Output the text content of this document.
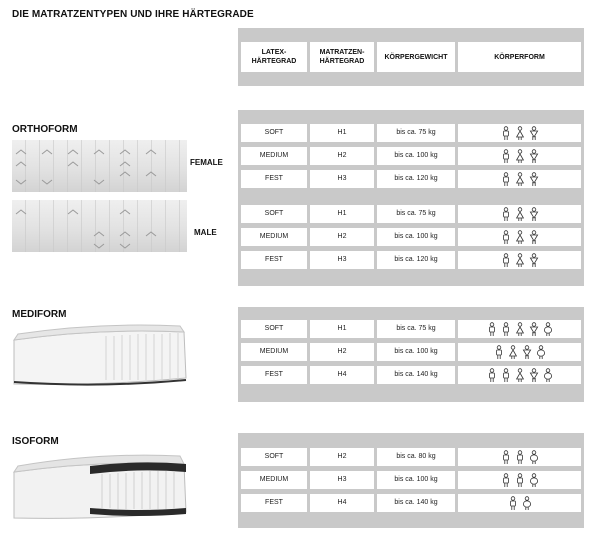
DIE MATRATZENTYPEN UND IHRE HÄRTEGRADE
LATEX-
HÄRTEGRAD
MATRATZEN-
HÄRTEGRAD
KÖRPERGEWICHT	KÖRPERFORM
ORTHOFORM
FEMALE
MALE
SOFT	H1	bis ca. 75 kg
MEDIUM	H2	bis ca. 100 kg
FEST	H3	bis ca. 120 kg
SOFT	H1	bis ca. 75 kg
MEDIUM	H2	bis ca. 100 kg
FEST	H3	bis ca. 120 kg
MEDIFORM
SOFT	H1	bis ca. 75 kg
MEDIUM	H2	bis ca. 100 kg
FEST	H4	bis ca. 140 kg
ISOFORM
SOFT	H2	bis ca. 80 kg
MEDIUM	H3	bis ca. 100 kg
FEST	H4	bis ca. 140 kg
